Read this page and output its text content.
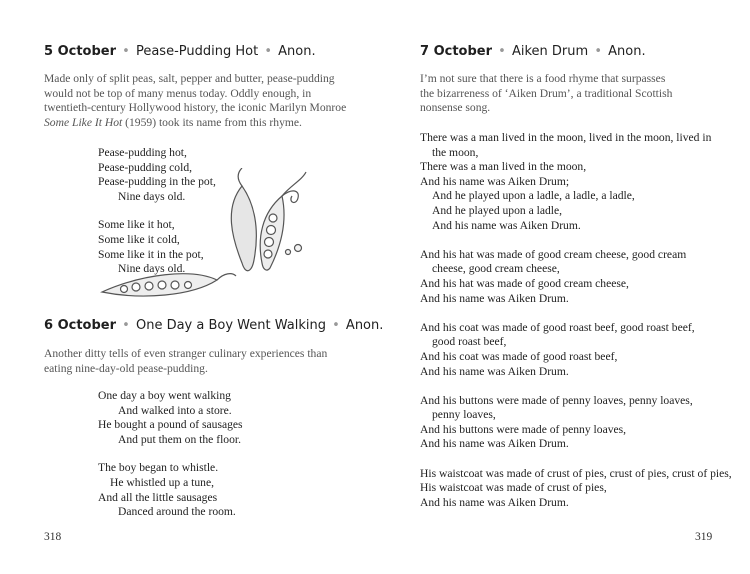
5 October • Pease-Pudding Hot • Anon.
Made only of split peas, salt, pepper and butter, pease-pudding
would not be top of many menus today. Oddly enough, in
twentieth-century Hollywood history, the iconic Marilyn Monroe
Some Like It Hot (1959) took its name from this rhyme.
Pease-pudding hot,
Pease-pudding cold,
Pease-pudding in the pot,
Nine days old.
Some like it hot,
Some like it cold,
Some like it in the pot,
Nine days old.
6 October • One Day a Boy Went Walking • Anon.
Another ditty tells of even stranger culinary experiences than
eating nine-day-old pease-pudding.
One day a boy went walking
And walked into a store.
He bought a pound of sausages
And put them on the floor.
The boy began to whistle.
He whistled up a tune,
And all the little sausages
Danced around the room.
318
7 October • Aiken Drum • Anon.
I’m not sure that there is a food rhyme that surpasses
the bizarreness of ‘Aiken Drum’, a traditional Scottish
nonsense song.
There was a man lived in the moon, lived in the moon, lived in
the moon,
There was a man lived in the moon,
And his name was Aiken Drum;
And he played upon a ladle, a ladle, a ladle,
And he played upon a ladle,
And his name was Aiken Drum.
And his hat was made of good cream cheese, good cream
cheese, good cream cheese,
And his hat was made of good cream cheese,
And his name was Aiken Drum.
And his coat was made of good roast beef, good roast beef,
good roast beef,
And his coat was made of good roast beef,
And his name was Aiken Drum.
And his buttons were made of penny loaves, penny loaves,
penny loaves,
And his buttons were made of penny loaves,
And his name was Aiken Drum.
His waistcoat was made of crust of pies, crust of pies, crust of pies,
His waistcoat was made of crust of pies,
And his name was Aiken Drum.
319
